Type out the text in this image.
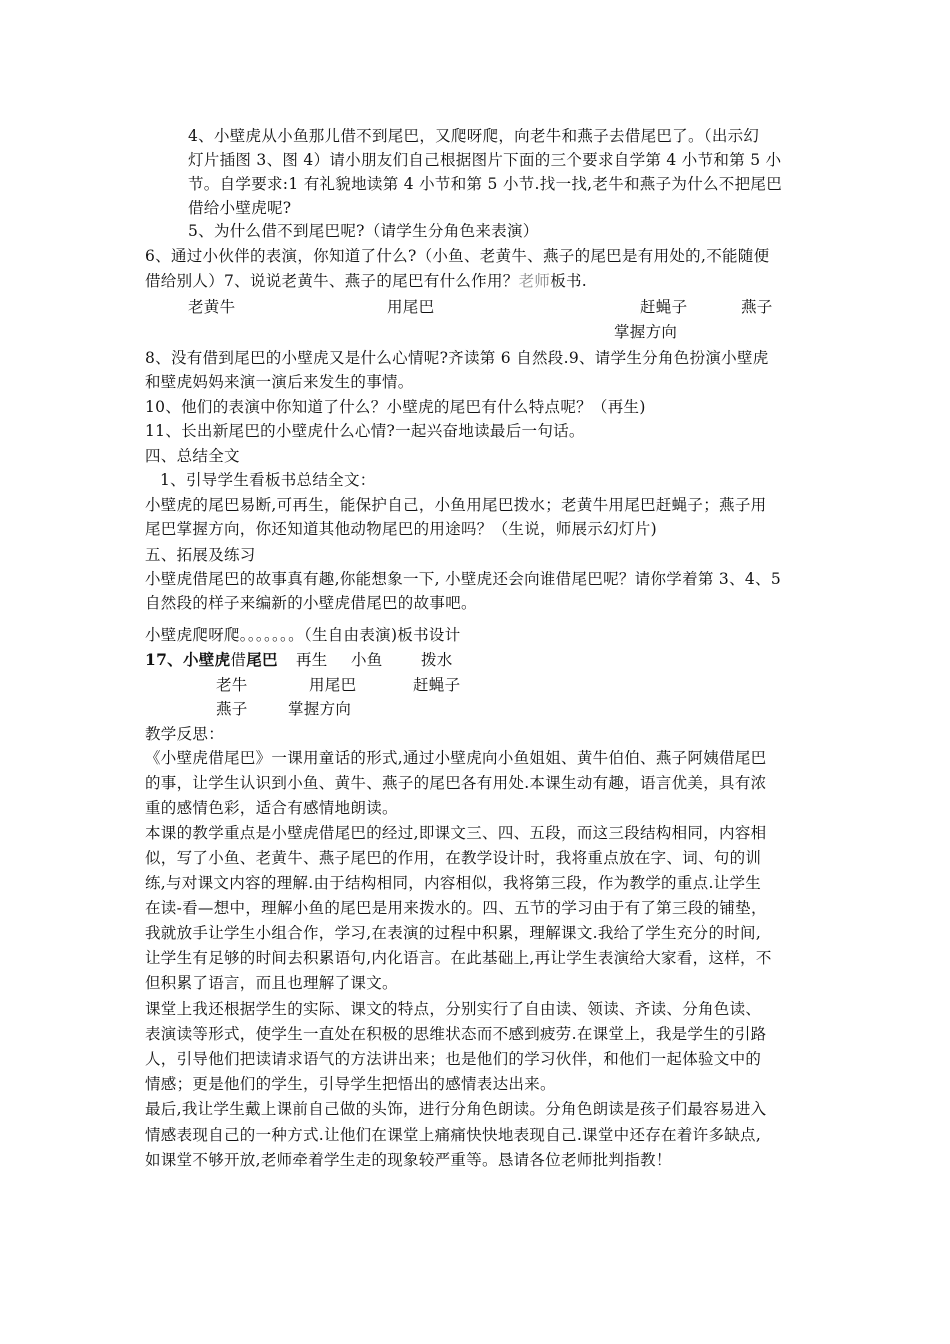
4、小壁虎从小鱼那儿借不到尾巴，又爬呀爬，向老牛和燕子去借尾巴了。（出示幻
灯片插图 3、图 4）请小朋友们自己根据图片下面的三个要求自学第 4 小节和第 5 小
节。自学要求:1 有礼貌地读第 4 小节和第 5 小节.找一找,老牛和燕子为什么不把尾巴
借给小壁虎呢?
5、为什么借不到尾巴呢?（请学生分角色来表演）
6、通过小伙伴的表演，你知道了什么?（小鱼、老黄牛、燕子的尾巴是有用处的,不能随便
借给别人）7、说说老黄牛、燕子的尾巴有什么作用？老师板书.
老黄牛	用尾巴	赶蝇子	燕子
掌握方向
8、没有借到尾巴的小壁虎又是什么心情呢?齐读第 6 自然段.9、请学生分角色扮演小壁虎
和壁虎妈妈来演一演后来发生的事情。
10、他们的表演中你知道了什么？小壁虎的尾巴有什么特点呢？（再生)
11、长出新尾巴的小壁虎什么心情?一起兴奋地读最后一句话。
四、总结全文
1、引导学生看板书总结全文：
小壁虎的尾巴易断,可再生，能保护自己，小鱼用尾巴拨水；老黄牛用尾巴赶蝇子；燕子用
尾巴掌握方向，你还知道其他动物尾巴的用途吗？（生说，师展示幻灯片)
五、拓展及练习
小壁虎借尾巴的故事真有趣,你能想象一下, 小壁虎还会向谁借尾巴呢？请你学着第 3、4、5
自然段的样子来编新的小壁虎借尾巴的故事吧。
小壁虎爬呀爬。。。。。。。（生自由表演)板书设计
17、小壁虎借尾巴 再生 小鱼 拨水
老牛	用尾巴	赶蝇子
燕子	掌握方向
教学反思：
《小壁虎借尾巴》一课用童话的形式,通过小壁虎向小鱼姐姐、黄牛伯伯、燕子阿姨借尾巴
的事，让学生认识到小鱼、黄牛、燕子的尾巴各有用处.本课生动有趣，语言优美，具有浓
重的感情色彩，适合有感情地朗读。
本课的教学重点是小壁虎借尾巴的经过,即课文三、四、五段，而这三段结构相同，内容相
似，写了小鱼、老黄牛、燕子尾巴的作用，在教学设计时，我将重点放在字、词、句的训
练,与对课文内容的理解.由于结构相同，内容相似，我将第三段，作为教学的重点.让学生
在读-看—想中，理解小鱼的尾巴是用来拨水的。四、五节的学习由于有了第三段的铺垫，
我就放手让学生小组合作，学习,在表演的过程中积累，理解课文.我给了学生充分的时间,
让学生有足够的时间去积累语句,内化语言。在此基础上,再让学生表演给大家看，这样，不
但积累了语言，而且也理解了课文。
课堂上我还根据学生的实际、课文的特点，分别实行了自由读、领读、齐读、分角色读、
表演读等形式，使学生一直处在积极的思维状态而不感到疲劳.在课堂上，我是学生的引路
人，引导他们把读请求语气的方法讲出来；也是他们的学习伙伴，和他们一起体验文中的
情感；更是他们的学生，引导学生把悟出的感情表达出来。
最后,我让学生戴上课前自己做的头饰，进行分角色朗读。分角色朗读是孩子们最容易进入
情感表现自己的一种方式.让他们在课堂上痛痛快快地表现自己.课堂中还存在着许多缺点,
如课堂不够开放,老师牵着学生走的现象较严重等。恳请各位老师批判指教！
